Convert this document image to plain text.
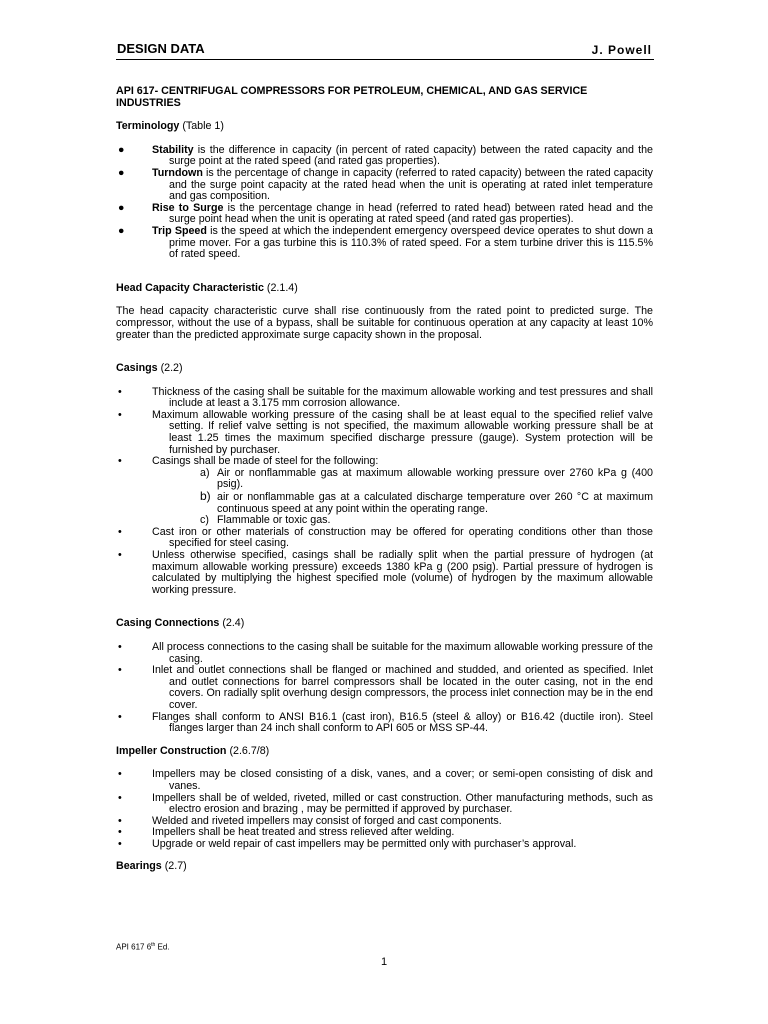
DESIGN DATA	J. Powell
API 617- CENTRIFUGAL COMPRESSORS FOR PETROLEUM, CHEMICAL, AND GAS SERVICE INDUSTRIES
Terminology (Table 1)
●	Stability is the difference in capacity (in percent of rated capacity) between the rated capacity and the surge point at the rated speed (and rated gas properties).
●	Turndown is the percentage of change in capacity (referred to rated capacity) between the rated capacity and the surge point capacity at the rated head when the unit is operating at rated inlet temperature and gas composition.
●	Rise to Surge is the percentage change in head (referred to rated head) between rated head and the surge point head when the unit is operating at rated speed (and rated gas properties).
●	Trip Speed is the speed at which the independent emergency overspeed device operates to shut down a prime mover. For a gas turbine this is 110.3% of rated speed. For a stem turbine driver this is 115.5% of rated speed.
Head Capacity Characteristic (2.1.4)

The head capacity characteristic curve shall rise continuously from the rated point to predicted surge. The compressor, without the use of a bypass, shall be suitable for continuous operation at any capacity at least 10% greater than the predicted approximate surge capacity shown in the proposal.

Casings (2.2)
•	Thickness of the casing shall be suitable for the maximum allowable working and test pressures and shall include at least a 3.175 mm corrosion allowance.
•	Maximum allowable working pressure of the casing shall be at least equal to the specified relief valve setting. If relief valve setting is not specified, the maximum allowable working pressure shall be at least 1.25 times the maximum specified discharge pressure (gauge). System protection will be furnished by purchaser.
•	Casings shall be made of steel for the following:
a) Air or nonflammable gas at maximum allowable working pressure over 2760 kPa g (400 psig).
b) air or nonflammable gas at a calculated discharge temperature over 260 °C at maximum continuous speed at any point within the operating range.
c) Flammable or toxic gas.
•	Cast iron or other materials of construction may be offered for operating conditions other than those specified for steel casing.
•	Unless otherwise specified, casings shall be radially split when the partial pressure of hydrogen (at maximum allowable working pressure) exceeds 1380 kPa g (200 psig). Partial pressure of hydrogen is calculated by multiplying the highest specified mole (volume) of hydrogen by the maximum allowable working pressure.
Casing Connections (2.4)
•	All process connections to the casing shall be suitable for the maximum allowable working pressure of the casing.
•	Inlet and outlet connections shall be flanged or machined and studded, and oriented as specified. Inlet and outlet connections for barrel compressors shall be located in the outer casing, not in the end covers. On radially split overhung design compressors, the process inlet connection may be in the end cover.
•	Flanges shall conform to ANSI B16.1 (cast iron), B16.5 (steel & alloy) or B16.42 (ductile iron). Steel flanges larger than 24 inch shall conform to API 605 or MSS SP-44.
Impeller Construction (2.6.7/8)
•	Impellers may be closed consisting of a disk, vanes, and a cover; or semi-open consisting of disk and vanes.
•	Impellers shall be of welded, riveted, milled or cast construction. Other manufacturing methods, such as electro erosion and brazing , may be permitted if approved by purchaser.
•	Welded and riveted impellers may consist of forged and cast components.
•	Impellers shall be heat treated and stress relieved after welding.
•	Upgrade or weld repair of cast impellers may be permitted only with purchaser’s approval.
Bearings (2.7)
API 617 6th Ed.
1
